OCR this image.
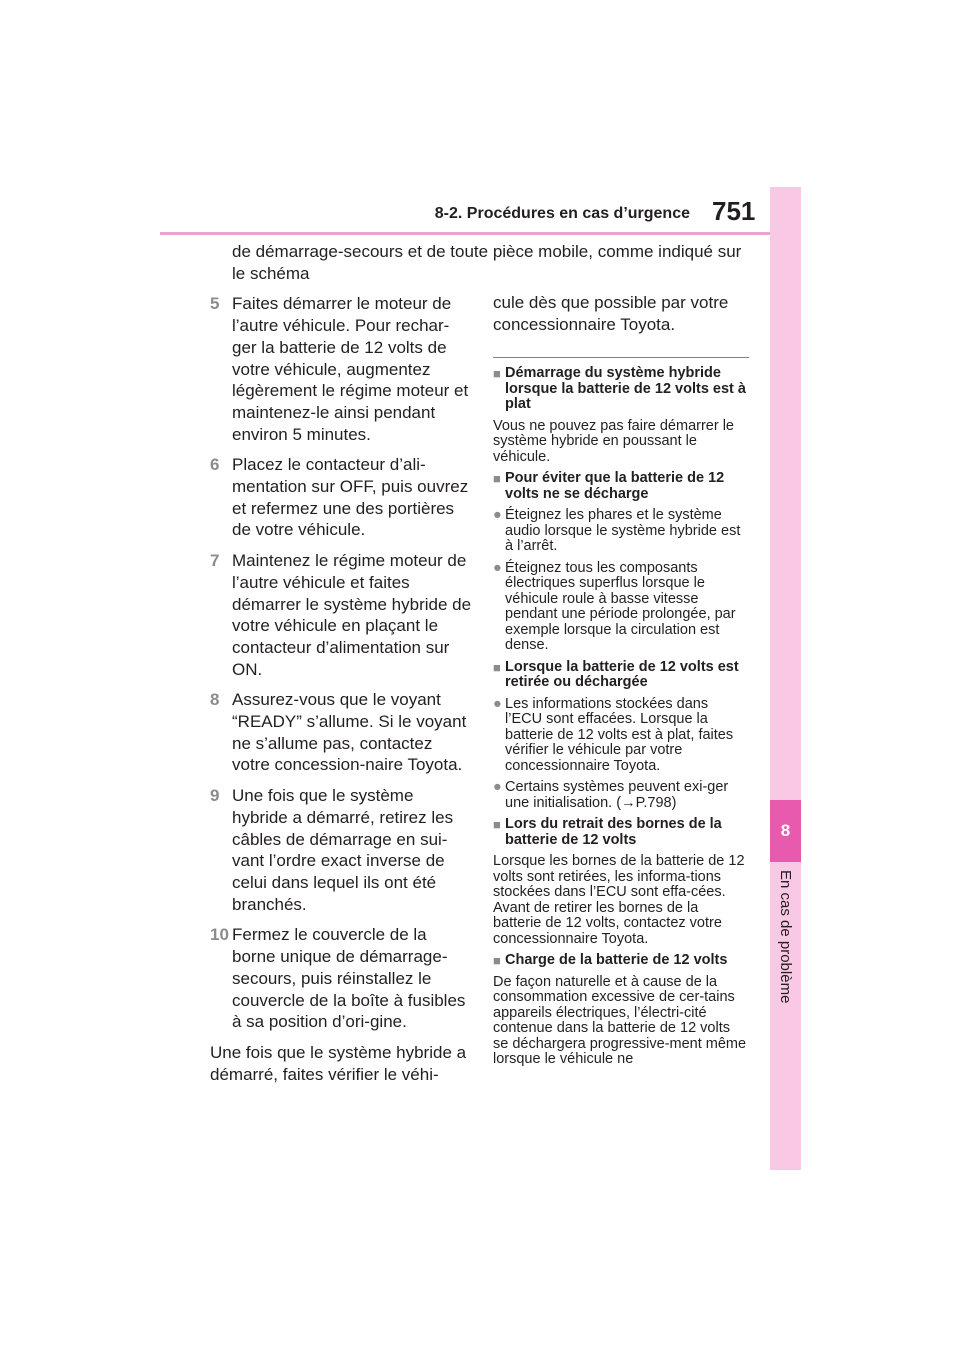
8-2. Procédures en cas d’urgence 751
8
En cas de problème
de démarrage-secours et de toute pièce mobile, comme indiqué sur le schéma
5 Faites démarrer le moteur de l’autre véhicule. Pour rechar-ger la batterie de 12 volts de votre véhicule, augmentez légèrement le régime moteur et maintenez-le ainsi pendant environ 5 minutes.
6 Placez le contacteur d’ali-mentation sur OFF, puis ouvrez et refermez une des portières de votre véhicule.
7 Maintenez le régime moteur de l’autre véhicule et faites démarrer le système hybride de votre véhicule en plaçant le contacteur d’alimentation sur ON.
8 Assurez-vous que le voyant “READY” s’allume. Si le voyant ne s’allume pas, contactez votre concession-naire Toyota.
9 Une fois que le système hybride a démarré, retirez les câbles de démarrage en sui-vant l’ordre exact inverse de celui dans lequel ils ont été branchés.
10 Fermez le couvercle de la borne unique de démarrage-secours, puis réinstallez le couvercle de la boîte à fusibles à sa position d’ori-gine.
Une fois que le système hybride a démarré, faites vérifier le véhi-
cule dès que possible par votre concessionnaire Toyota.
■ Démarrage du système hybride lorsque la batterie de 12 volts est à plat
Vous ne pouvez pas faire démarrer le système hybride en poussant le véhicule.
■ Pour éviter que la batterie de 12 volts ne se décharge
● Éteignez les phares et le système audio lorsque le système hybride est à l’arrêt.
● Éteignez tous les composants électriques superflus lorsque le véhicule roule à basse vitesse pendant une période prolongée, par exemple lorsque la circulation est dense.
■ Lorsque la batterie de 12 volts est retirée ou déchargée
● Les informations stockées dans l’ECU sont effacées. Lorsque la batterie de 12 volts est à plat, faites vérifier le véhicule par votre concessionnaire Toyota.
● Certains systèmes peuvent exi-ger une initialisation. (→P.798)
■ Lors du retrait des bornes de la batterie de 12 volts
Lorsque les bornes de la batterie de 12 volts sont retirées, les informa-tions stockées dans l’ECU sont effa-cées. Avant de retirer les bornes de la batterie de 12 volts, contactez votre concessionnaire Toyota.
■ Charge de la batterie de 12 volts
De façon naturelle et à cause de la consommation excessive de cer-tains appareils électriques, l’électri-cité contenue dans la batterie de 12 volts se déchargera progressive-ment même lorsque le véhicule ne
